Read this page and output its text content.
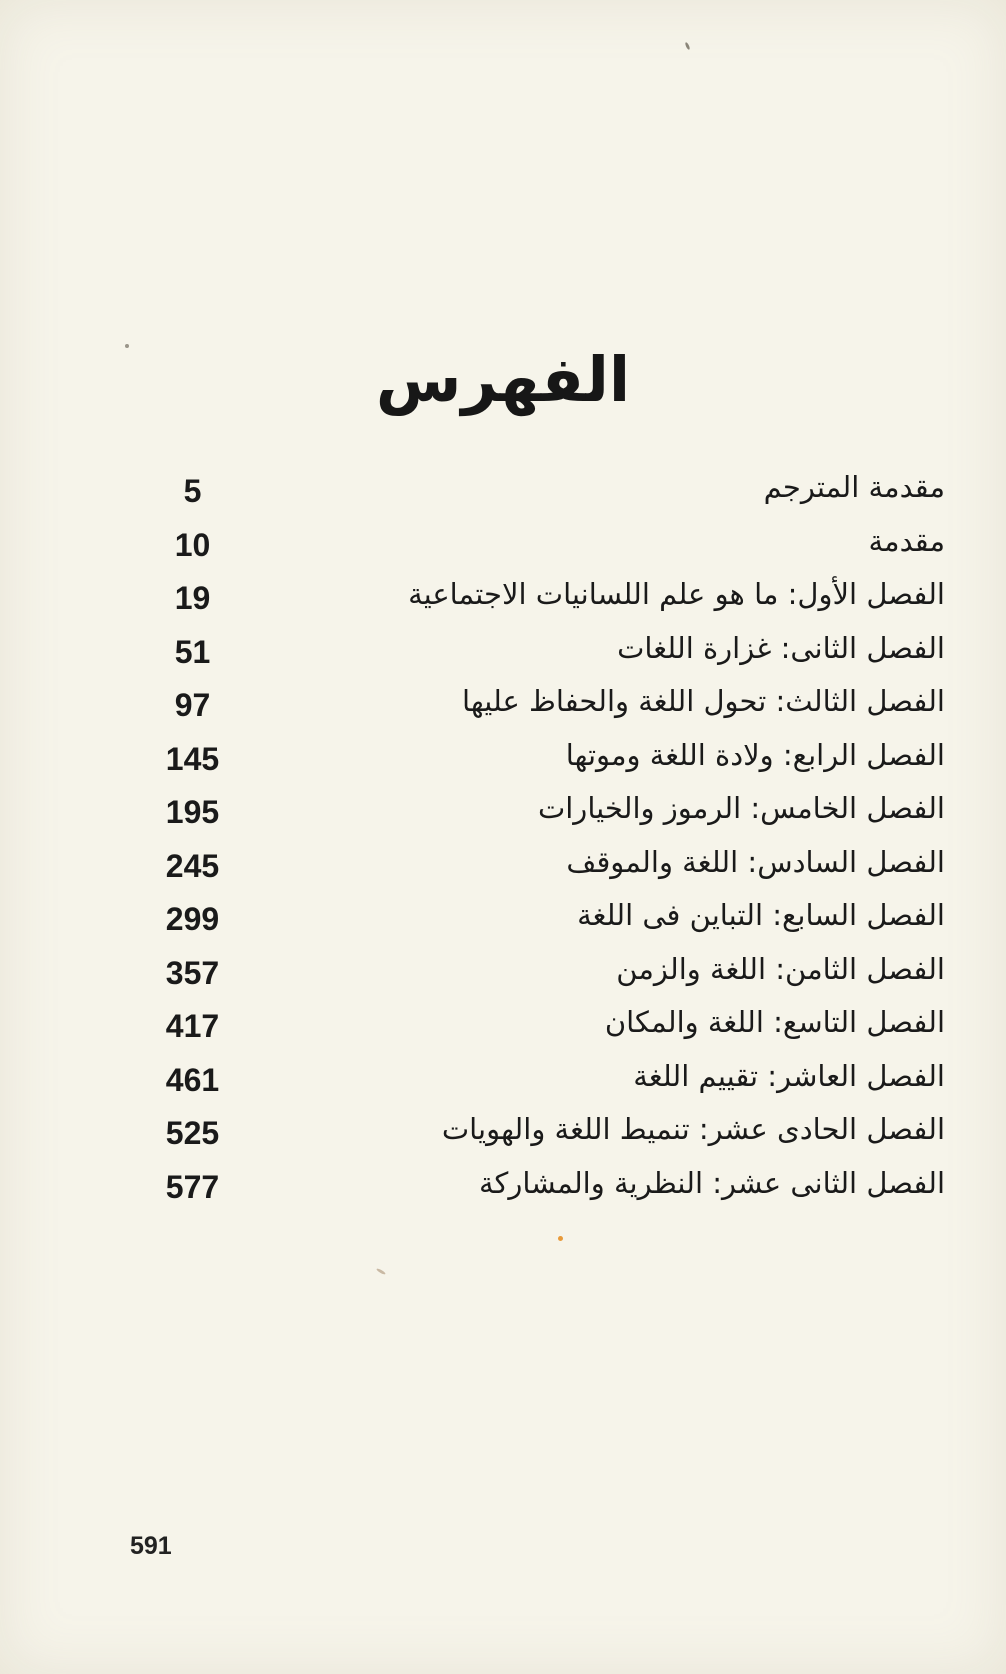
الفهرس
مقدمة المترجم
5
مقدمة
10
الفصل الأول: ما هو علم اللسانيات الاجتماعية
19
الفصل الثانى: غزارة اللغات
51
الفصل الثالث: تحول اللغة والحفاظ عليها
97
الفصل الرابع: ولادة اللغة وموتها
145
الفصل الخامس: الرموز والخيارات
195
الفصل السادس: اللغة والموقف
245
الفصل السابع: التباين فى اللغة
299
الفصل الثامن: اللغة والزمن
357
الفصل التاسع: اللغة والمكان
417
الفصل العاشر: تقييم اللغة
461
الفصل الحادى عشر: تنميط اللغة والهويات
525
الفصل الثانى عشر: النظرية والمشاركة
577
591
